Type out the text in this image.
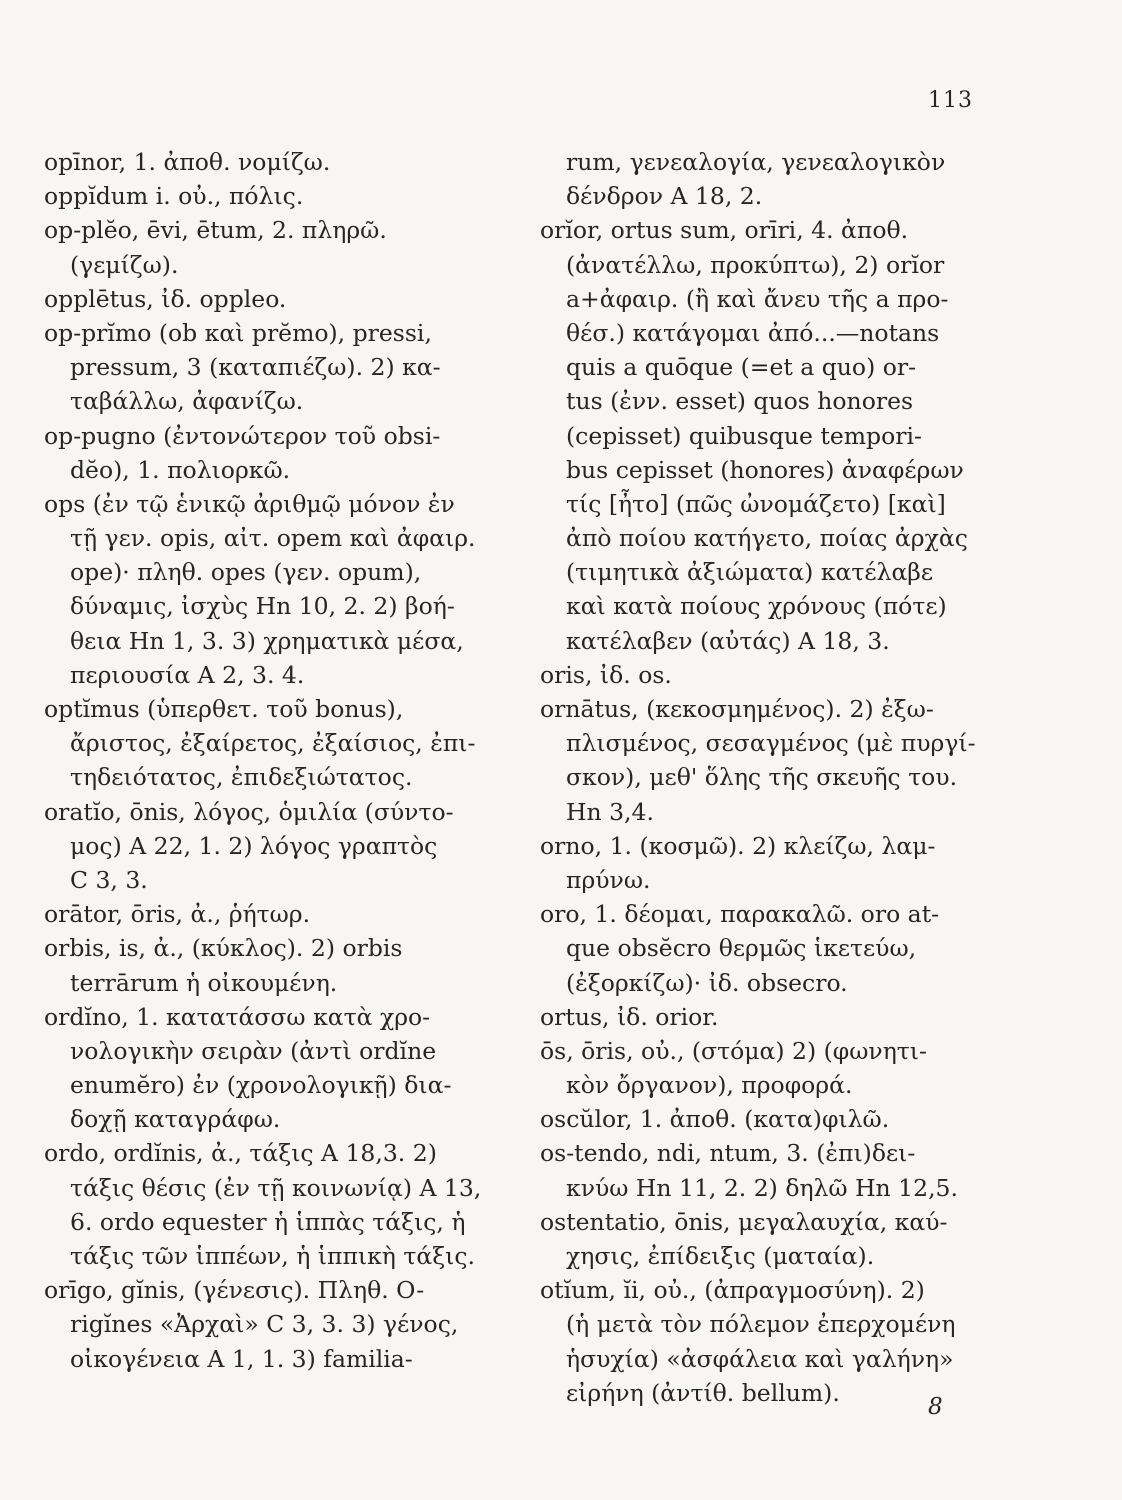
113
opīnor, 1. ἀποθ. νομίζω.
oppĭdum i. οὐ., πόλις.
op-plĕo, ēvi, ētum, 2. πληρῶ.
(γεμίζω).
opplētus, ἰδ. oppleo.
op-prĭmo (ob καὶ prĕmo), pressi,
pressum, 3 (καταπιέζω). 2) κα-
ταβάλλω, ἀφανίζω.
op-pugno (ἐντονώτερον τοῦ obsi-
dĕo), 1. πολιορκῶ.
ops (ἐν τῷ ἑνικῷ ἀριθμῷ μόνον ἐν
τῇ γεν. opis, αἰτ. opem καὶ ἀφαιρ.
ope)· πληθ. opes (γεν. opum),
δύναμις, ἰσχὺς Hn 10, 2. 2) βοή-
θεια Hn 1, 3. 3) χρηματικὰ μέσα,
περιουσία A 2, 3. 4.
optĭmus (ὑπερθετ. τοῦ bonus),
ἄριστος, ἐξαίρετος, ἐξαίσιος, ἐπι-
τηδειότατος, ἐπιδεξιώτατος.
oratĭo, ōnis, λόγος, ὁμιλία (σύντο-
μος) A 22, 1. 2) λόγος γραπτὸς
C 3, 3.
orātor, ōris, ἀ., ῥήτωρ.
orbis, is, ἀ., (κύκλος). 2) orbis
terrārum ἡ οἰκουμένη.
ordĭno, 1. κατατάσσω κατὰ χρο-
νολογικὴν σειρὰν (ἀντὶ ordĭne
enumĕro) ἐν (χρονολογικῇ) δια-
δοχῇ καταγράφω.
ordo, ordĭnis, ἀ., τάξις A 18,3. 2)
τάξις θέσις (ἐν τῇ κοινωνίᾳ) A 13,
6. ordo equester ἡ ἱππὰς τάξις, ἡ
τάξις τῶν ἱππέων, ἡ ἱππικὴ τάξις.
orīgo, gĭnis, (γένεσις). Πληθ. O-
rigĭnes «Ἀρχαὶ» C 3, 3. 3) γένος,
οἰκογένεια A 1, 1. 3) familia-
rum, γενεαλογία, γενεαλογικὸν
δένδρον A 18, 2.
orĭor, ortus sum, orīri, 4. ἀποθ.
(ἀνατέλλω, προκύπτω), 2) orĭor
a+ἀφαιρ. (ἢ καὶ ἄνευ τῆς a προ-
θέσ.) κατάγομαι ἀπό...—notans
quis a quōque (=et a quo) or-
tus (ἐνν. esset) quos honores
(cepisset) quibusque tempori-
bus cepisset (honores) ἀναφέρων
τίς [ἦτο] (πῶς ὠνομάζετο) [καὶ]
ἀπὸ ποίου κατήγετο, ποίας ἀρχὰς
(τιμητικὰ ἀξιώματα) κατέλαβε
καὶ κατὰ ποίους χρόνους (πότε)
κατέλαβεν (αὐτάς) A 18, 3.
oris, ἰδ. os.
ornātus, (κεκοσμημένος). 2) ἐξω-
πλισμένος, σεσαγμένος (μὲ πυργί-
σκον), μεθ' ὅλης τῆς σκευῆς του.
Hn 3,4.
orno, 1. (κοσμῶ). 2) κλείζω, λαμ-
πρύνω.
oro, 1. δέομαι, παρακαλῶ. oro at-
que obsĕcro θερμῶς ἱκετεύω,
(ἐξορκίζω)· ἰδ. obsecro.
ortus, ἰδ. orior.
ōs, ōris, οὐ., (στόμα) 2) (φωνητι-
κὸν ὄργανον), προφορά.
oscŭlor, 1. ἀποθ. (κατα)φιλῶ.
os-tendo, ndi, ntum, 3. (ἐπι)δει-
κνύω Hn 11, 2. 2) δηλῶ Hn 12,5.
ostentatio, ōnis, μεγαλαυχία, καύ-
χησις, ἐπίδειξις (ματαία).
otĭum, ĭi, οὐ., (ἀπραγμοσύνη). 2)
(ἡ μετὰ τὸν πόλεμον ἐπερχομένη
ἡσυχία) «ἀσφάλεια καὶ γαλήνη»
εἰρήνη (ἀντίθ. bellum).
8
